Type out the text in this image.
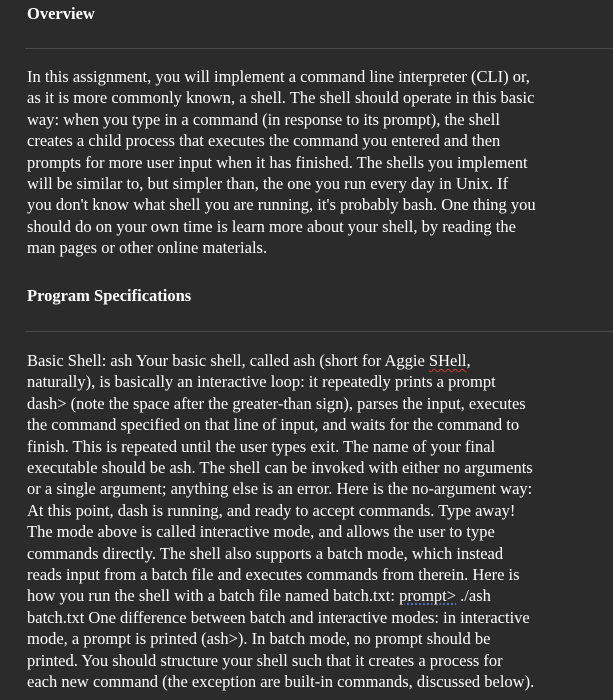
Overview

In this assignment, you will implement a command line interpreter (CLI) or,
as it is more commonly known, a shell. The shell should operate in this basic
way: when you type in a command (in response to its prompt), the shell
creates a child process that executes the command you entered and then
prompts for more user input when it has finished. The shells you implement
will be similar to, but simpler than, the one you run every day in Unix. If
you don't know what shell you are running, it's probably bash. One thing you
should do on your own time is learn more about your shell, by reading the
man pages or other online materials.

Program Specifications

Basic Shell: ash Your basic shell, called ash (short for Aggie SHell,
naturally), is basically an interactive loop: it repeatedly prints a prompt
dash> (note the space after the greater-than sign), parses the input, executes
the command specified on that line of input, and waits for the command to
finish. This is repeated until the user types exit. The name of your final
executable should be ash. The shell can be invoked with either no arguments
or a single argument; anything else is an error. Here is the no-argument way:
At this point, dash is running, and ready to accept commands. Type away!
The mode above is called interactive mode, and allows the user to type
commands directly. The shell also supports a batch mode, which instead
reads input from a batch file and executes commands from therein. Here is
how you run the shell with a batch file named batch.txt: prompt> ./ash
batch.txt One difference between batch and interactive modes: in interactive
mode, a prompt is printed (ash>). In batch mode, no prompt should be
printed. You should structure your shell such that it creates a process for
each new command (the exception are built-in commands, discussed below).
